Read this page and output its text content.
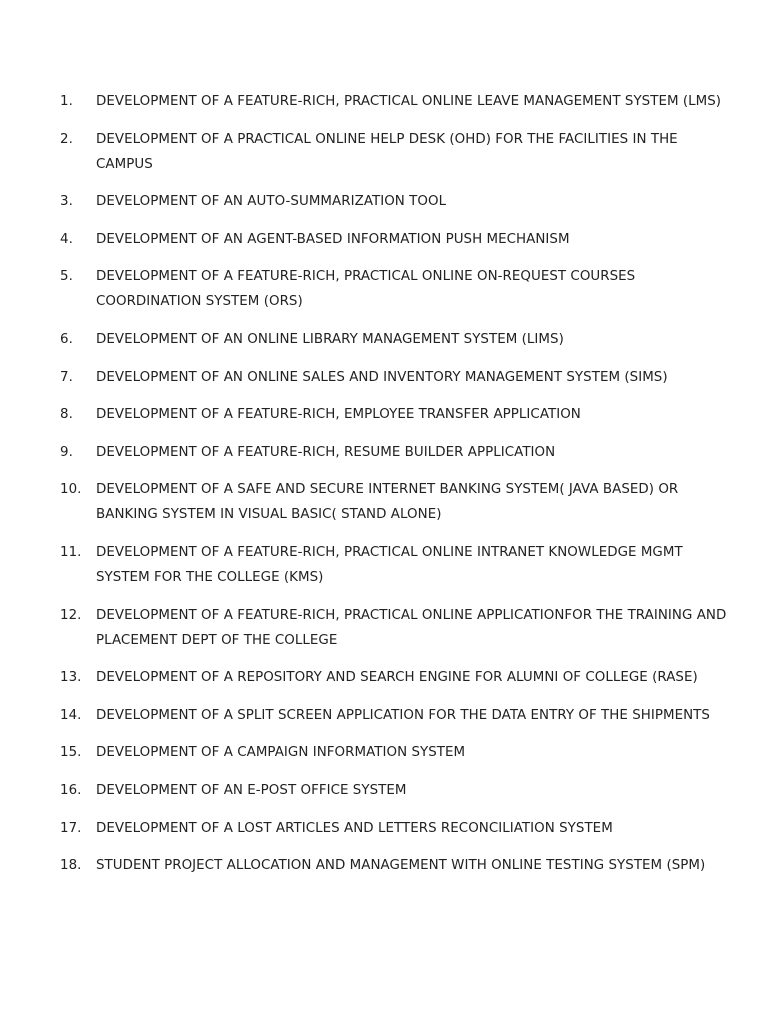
1.	DEVELOPMENT OF A FEATURE-RICH, PRACTICAL ONLINE LEAVE MANAGEMENT SYSTEM (LMS)
2.	DEVELOPMENT OF A PRACTICAL ONLINE HELP DESK (OHD) FOR THE FACILITIES IN THE CAMPUS
3.	DEVELOPMENT OF AN AUTO-SUMMARIZATION TOOL
4.	DEVELOPMENT OF AN AGENT-BASED INFORMATION PUSH MECHANISM
5.	DEVELOPMENT OF A FEATURE-RICH, PRACTICAL ONLINE ON-REQUEST COURSES COORDINATION SYSTEM (ORS)
6.	DEVELOPMENT OF AN ONLINE LIBRARY MANAGEMENT SYSTEM (LIMS)
7.	DEVELOPMENT OF AN ONLINE SALES AND INVENTORY MANAGEMENT SYSTEM (SIMS)
8.	DEVELOPMENT OF A FEATURE-RICH, EMPLOYEE TRANSFER APPLICATION
9.	DEVELOPMENT OF A FEATURE-RICH, RESUME BUILDER APPLICATION
10.	DEVELOPMENT OF A SAFE AND SECURE INTERNET BANKING SYSTEM( JAVA BASED) OR BANKING SYSTEM IN VISUAL BASIC( STAND ALONE)
11.	DEVELOPMENT OF A FEATURE-RICH, PRACTICAL ONLINE INTRANET KNOWLEDGE MGMT SYSTEM FOR THE COLLEGE (KMS)
12.	DEVELOPMENT OF A FEATURE-RICH, PRACTICAL ONLINE APPLICATIONFOR THE TRAINING AND PLACEMENT DEPT OF THE COLLEGE
13.	DEVELOPMENT OF A REPOSITORY AND SEARCH ENGINE FOR ALUMNI OF COLLEGE (RASE)
14.	DEVELOPMENT OF A SPLIT SCREEN APPLICATION FOR THE DATA ENTRY OF THE SHIPMENTS
15.	DEVELOPMENT OF A CAMPAIGN INFORMATION SYSTEM
16.	DEVELOPMENT OF AN E-POST OFFICE SYSTEM
17.	DEVELOPMENT OF A LOST ARTICLES AND LETTERS RECONCILIATION SYSTEM
18.	STUDENT PROJECT ALLOCATION AND MANAGEMENT WITH ONLINE TESTING SYSTEM (SPM)
